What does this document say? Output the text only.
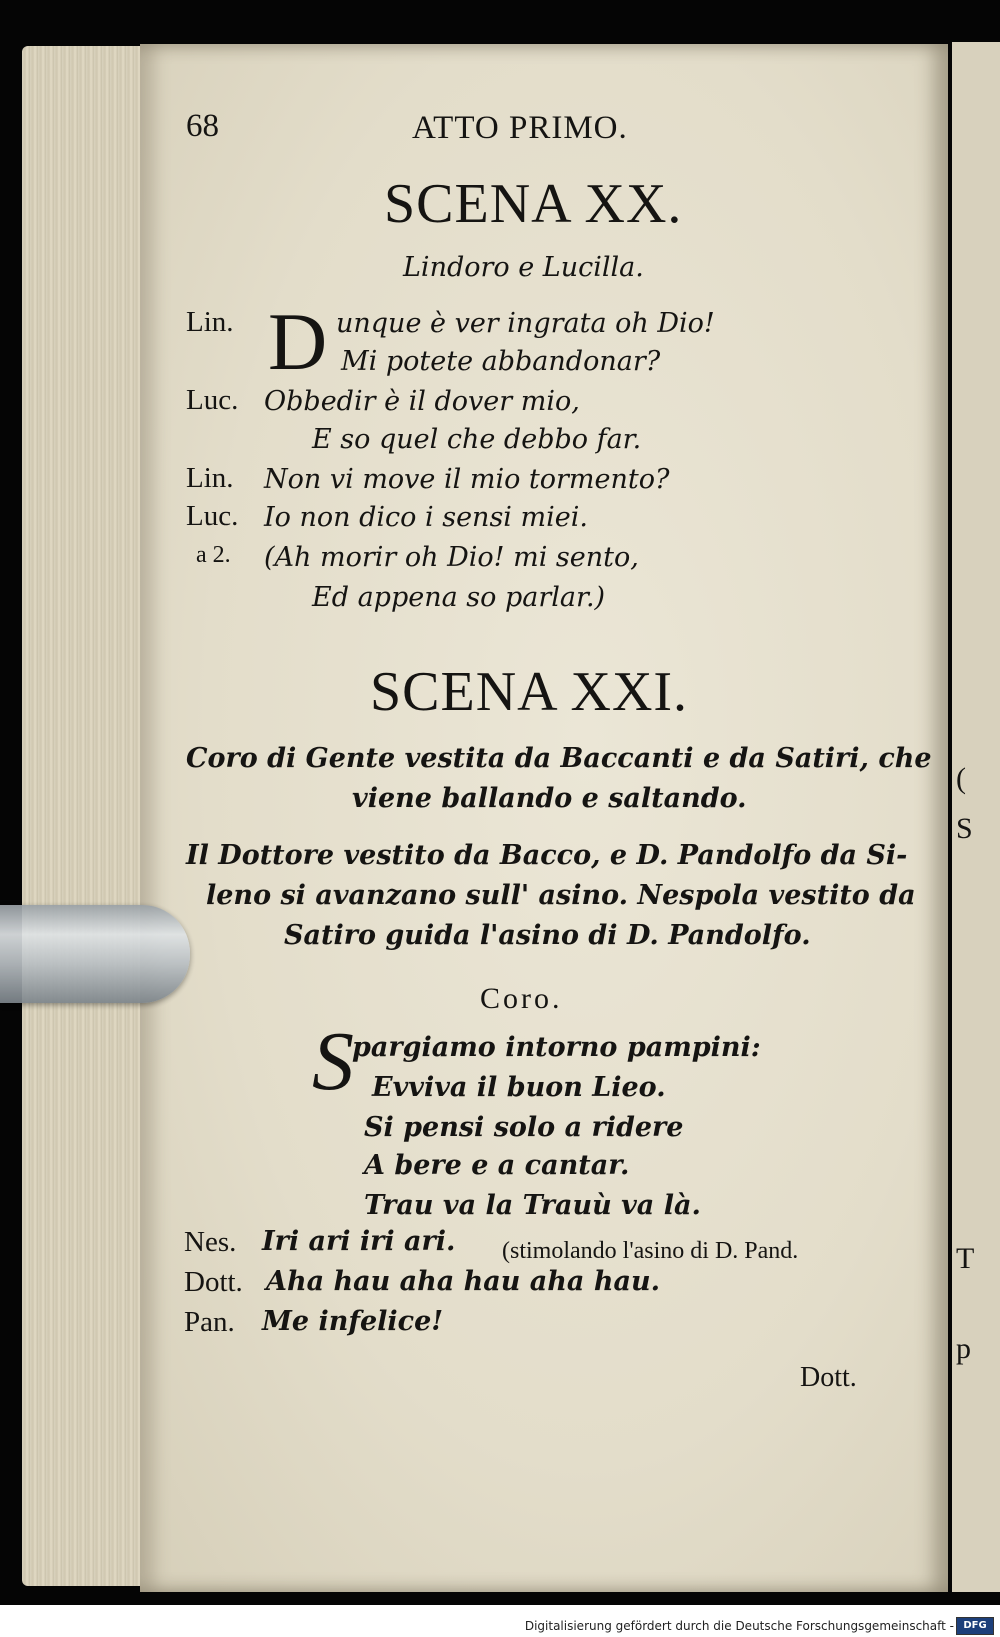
(
S
T
p
68	ATTO PRIMO.
SCENA XX.
Lindoro e Lucilla.
D
Lin.	unque è ver ingrata oh Dio!
Mi potete abbandonar?
Luc. Obbedir è il dover mio,
E so quel che debbo far.
Lin. Non vi move il mio tormento?
Luc. Io non dico i sensi miei.
a 2. (Ah morir oh Dio! mi sento,
Ed appena so parlar.)
SCENA XXI.
Coro di Gente vestita da Baccanti e da Satiri, che
viene ballando e saltando.
Il Dottore vestito da Bacco, e D. Pandolfo da Si-
leno si avanzano sull' asino. Nespola vestito da
Satiro guida l'asino di D. Pandolfo.
Coro.
S
pargiamo intorno pampini:
Evviva il buon Lieo.
Si pensi solo a ridere
A bere e a cantar.
Trau va la Trauù va là.
Nes. Iri ari iri ari. (stimolando l'asino di D. Pand.
Dott. Aha hau aha hau aha hau.
Pan. Me infelice!
Dott.
Digitalisierung gefördert durch die Deutsche Forschungsgemeinschaft - DFG
